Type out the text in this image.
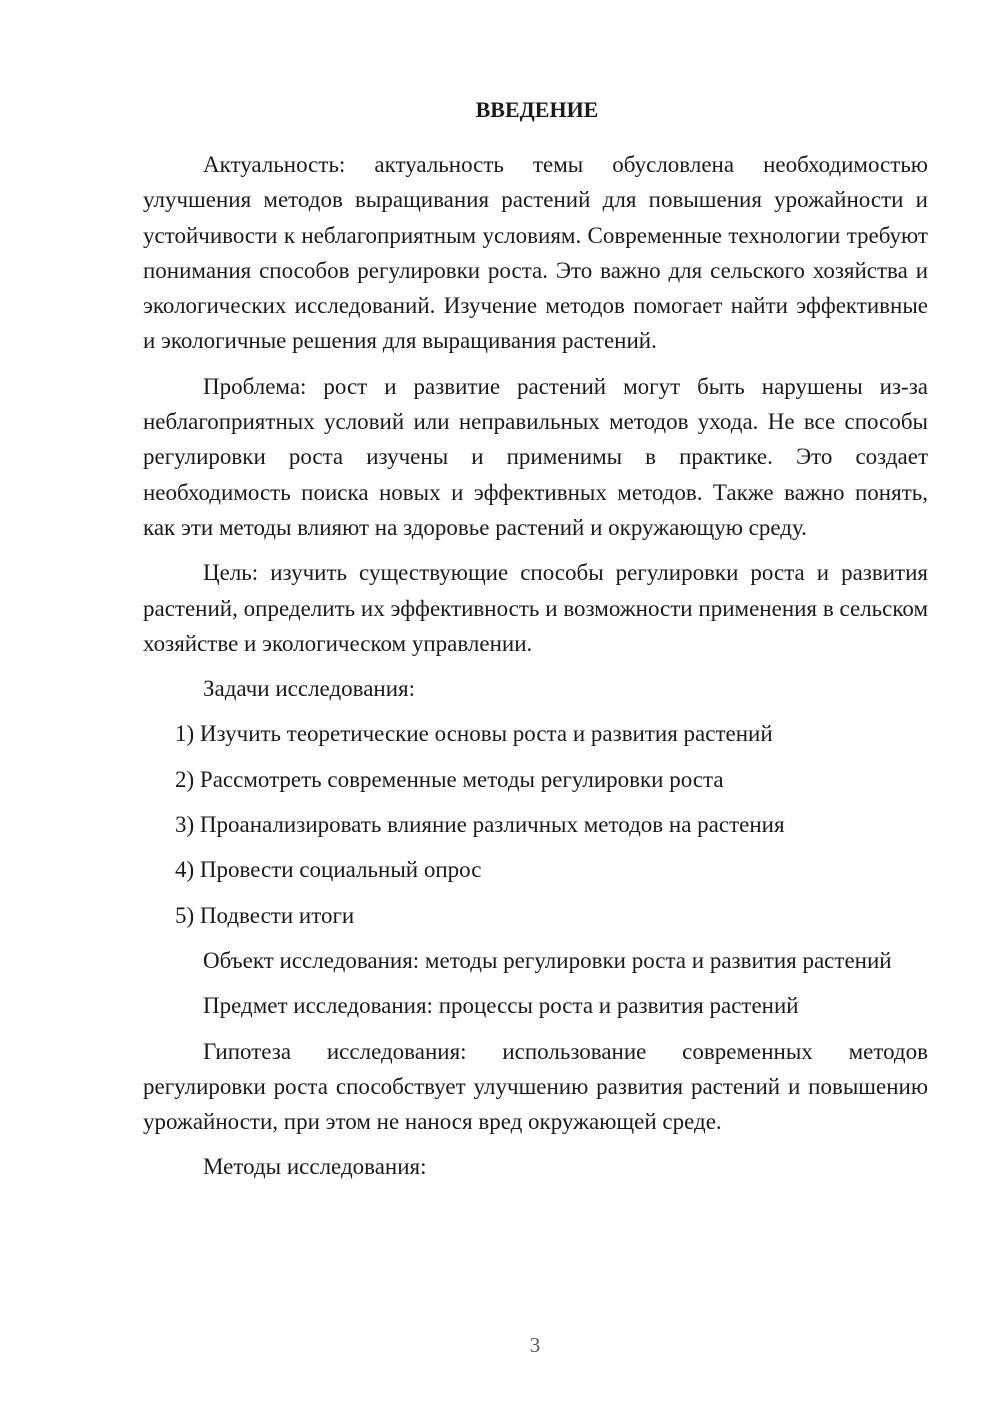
ВВЕДЕНИЕ

Актуальность: актуальность темы обусловлена необходимостью улучшения методов выращивания растений для повышения урожайности и устойчивости к неблагоприятным условиям. Современные технологии требуют понимания способов регулировки роста. Это важно для сельского хозяйства и экологических исследований. Изучение методов помогает найти эффективные и экологичные решения для выращивания растений.

Проблема: рост и развитие растений могут быть нарушены из-за неблагоприятных условий или неправильных методов ухода. Не все способы регулировки роста изучены и применимы в практике. Это создает необходимость поиска новых и эффективных методов. Также важно понять, как эти методы влияют на здоровье растений и окружающую среду.

Цель: изучить существующие способы регулировки роста и развития растений, определить их эффективность и возможности применения в сельском хозяйстве и экологическом управлении.

Задачи исследования:

1) Изучить теоретические основы роста и развития растений
2) Рассмотреть современные методы регулировки роста
3) Проанализировать влияние различных методов на растения
4) Провести социальный опрос
5) Подвести итоги

Объект исследования: методы регулировки роста и развития растений

Предмет исследования: процессы роста и развития растений

Гипотеза исследования: использование современных методов регулировки роста способствует улучшению развития растений и повышению урожайности, при этом не нанося вред окружающей среде.

Методы исследования:

3
